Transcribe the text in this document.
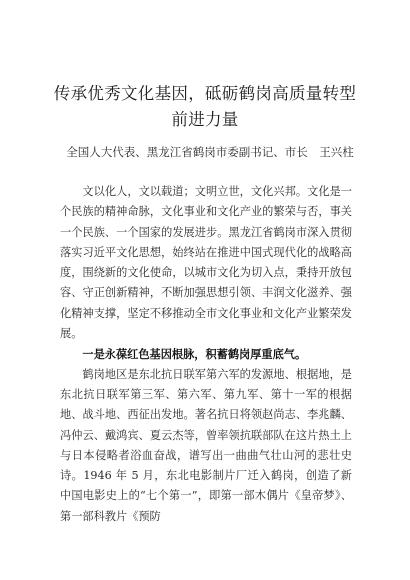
传承优秀文化基因，砥砺鹤岗高质量转型前进力量
全国人大代表、黑龙江省鹤岗市委副书记、市长　王兴柱

文以化人，文以载道；文明立世，文化兴邦。文化是一个民族的精神命脉，文化事业和文化产业的繁荣与否，事关一个民族、一个国家的发展进步。黑龙江省鹤岗市深入贯彻落实习近平文化思想，始终站在推进中国式现代化的战略高度，围绕新的文化使命，以城市文化为切入点，秉持开放包容、守正创新精神，不断加强思想引领、丰润文化滋养、强化精神支撑，坚定不移推动全市文化事业和文化产业繁荣发展。

一是永葆红色基因根脉，积蓄鹤岗厚重底气。

鹤岗地区是东北抗日联军第六军的发源地、根据地，是东北抗日联军第三军、第六军、第九军、第十一军的根据地、战斗地、西征出发地。著名抗日将领赵尚志、李兆麟、冯仲云、戴鸿宾、夏云杰等，曾率领抗联部队在这片热土上与日本侵略者浴血奋战，谱写出一曲曲气壮山河的悲壮史诗。1946 年 5 月，东北电影制片厂迁入鹤岗，创造了新中国电影史上的“七个第一”，即第一部木偶片《皇帝梦》、第一部科教片《预防
